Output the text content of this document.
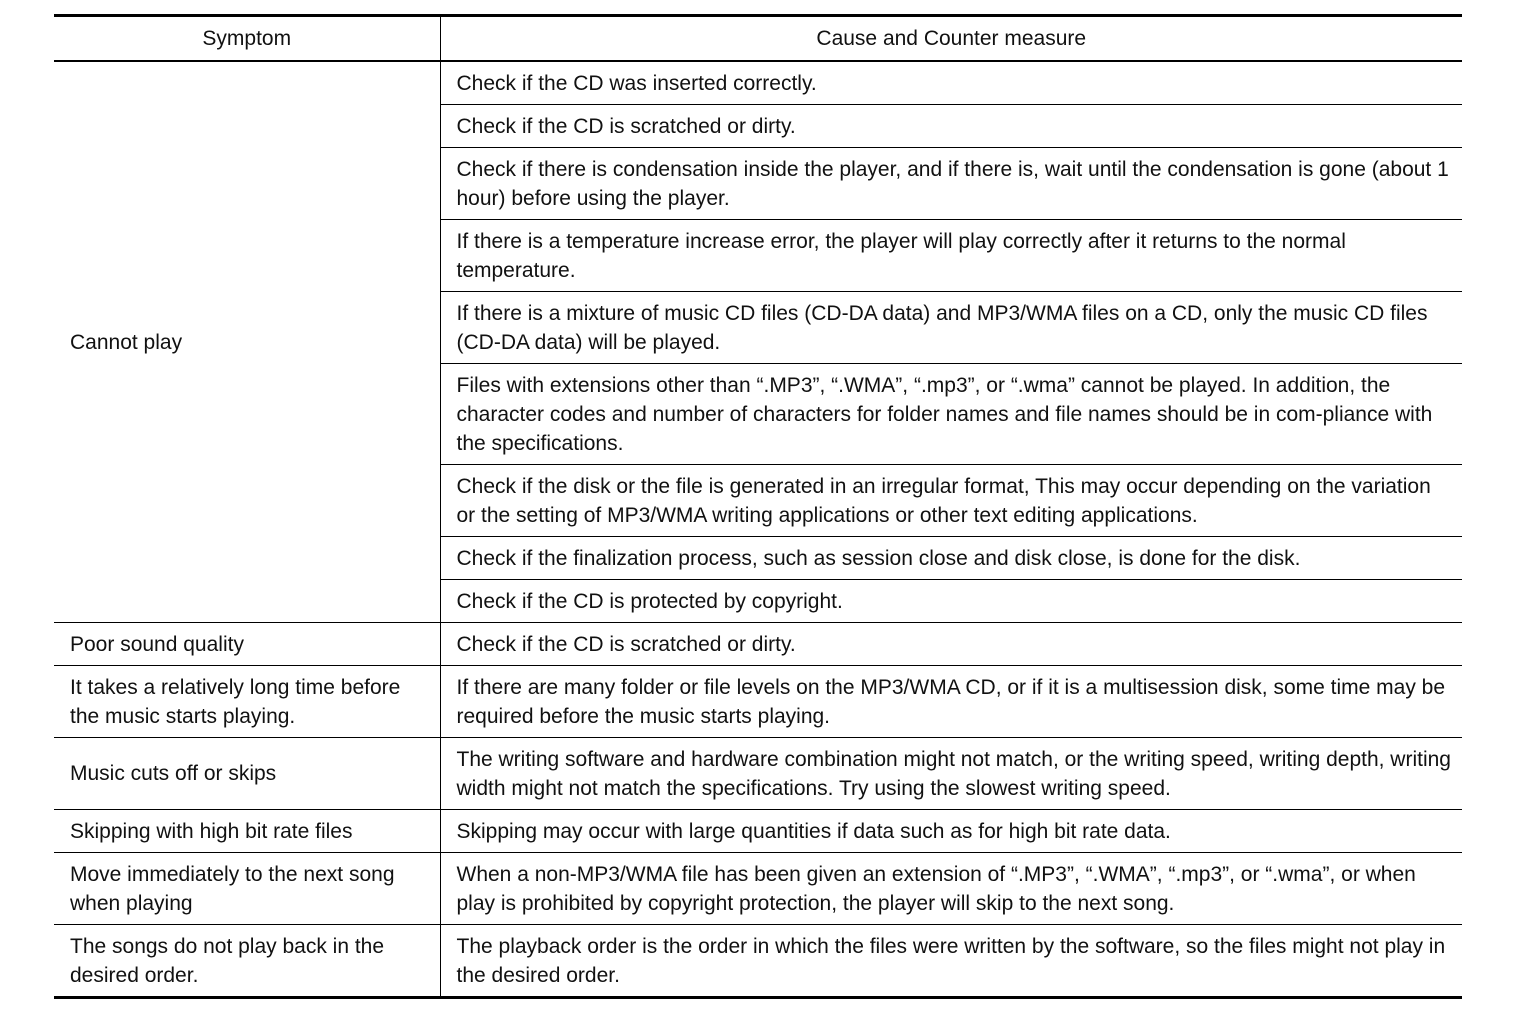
Symptom	Cause and Counter measure
Cannot play	Check if the CD was inserted correctly.
	Check if the CD is scratched or dirty.
	Check if there is condensation inside the player, and if there is, wait until the condensation is gone (about 1 hour) before using the player.
	If there is a temperature increase error, the player will play correctly after it returns to the normal temperature.
	If there is a mixture of music CD files (CD-DA data) and MP3/WMA files on a CD, only the music CD files (CD-DA data) will be played.
	Files with extensions other than “.MP3”, “.WMA”, “.mp3”, or “.wma” cannot be played. In addition, the character codes and number of characters for folder names and file names should be in com-pliance with the specifications.
	Check if the disk or the file is generated in an irregular format, This may occur depending on the variation or the setting of MP3/WMA writing applications or other text editing applications.
	Check if the finalization process, such as session close and disk close, is done for the disk.
	Check if the CD is protected by copyright.
Poor sound quality	Check if the CD is scratched or dirty.
It takes a relatively long time before the music starts playing.	If there are many folder or file levels on the MP3/WMA CD, or if it is a multisession disk, some time may be required before the music starts playing.
Music cuts off or skips	The writing software and hardware combination might not match, or the writing speed, writing depth, writing width might not match the specifications. Try using the slowest writing speed.
Skipping with high bit rate files	Skipping may occur with large quantities if data such as for high bit rate data.
Move immediately to the next song when playing	When a non-MP3/WMA file has been given an extension of “.MP3”, “.WMA”, “.mp3”, or “.wma”, or when play is prohibited by copyright protection, the player will skip to the next song.
The songs do not play back in the desired order.	The playback order is the order in which the files were written by the software, so the files might not play in the desired order.
